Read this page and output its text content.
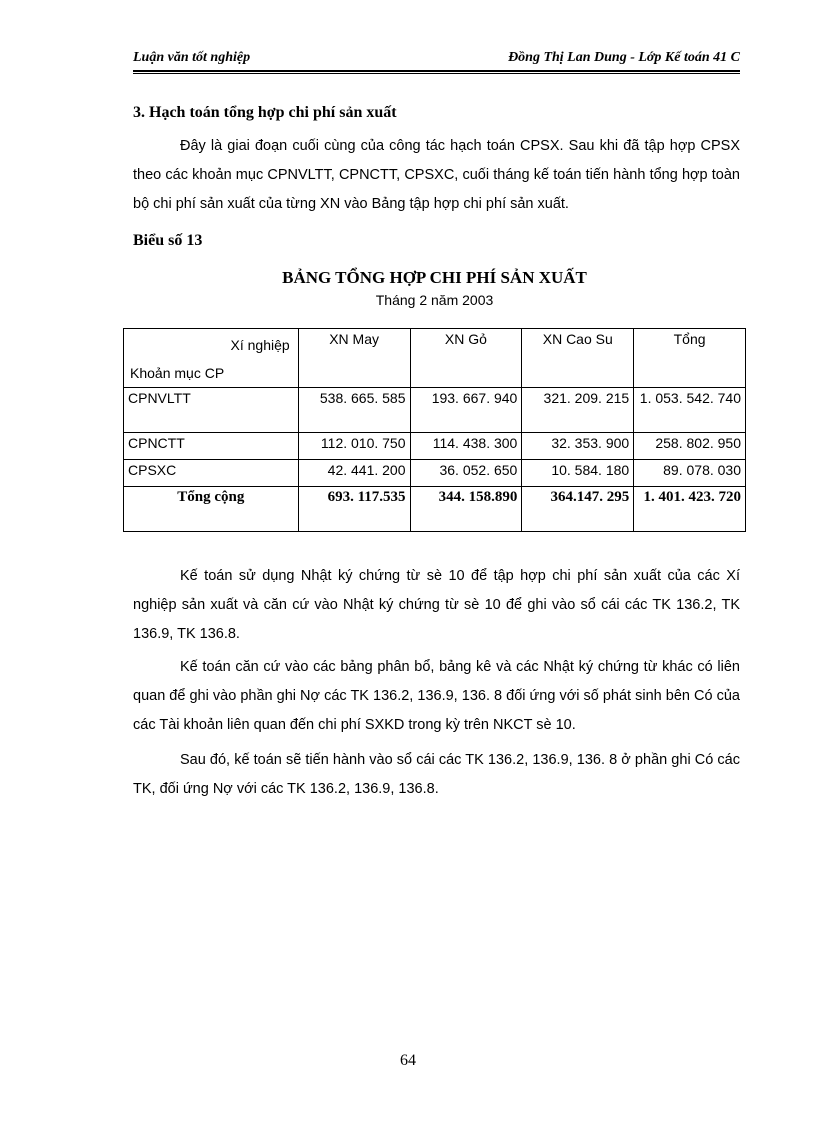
Luận văn tốt nghiệp	Đồng Thị Lan Dung - Lớp Kế toán 41 C
3. Hạch toán tổng hợp chi phí sản xuất
Đây là giai đoạn cuối cùng của công tác hạch toán CPSX. Sau khi đã tập hợp CPSX theo các khoản mục CPNVLTT, CPNCTT, CPSXC, cuối tháng kế toán tiến hành tổng hợp toàn bộ chi phí sản xuất của từng XN vào Bảng tập hợp chi phí sản xuất.
Biểu số 13
BẢNG TỔNG HỢP CHI PHÍ SẢN XUẤT
Tháng 2 năm 2003
Xí nghiệp
Khoản mục CP	XN May	XN Gỏ	XN Cao Su	Tổng
CPNVLTT	538. 665. 585	193. 667. 940	321. 209. 215	1. 053. 542. 740
CPNCTT	112. 010. 750	114. 438. 300	32. 353. 900	258. 802. 950
CPSXC	42. 441. 200	36. 052. 650	10. 584. 180	89. 078. 030
Tổng cộng	693. 117.535	344. 158.890	364.147. 295	1. 401. 423. 720
Kế toán sử dụng Nhật ký chứng từ sè 10 để tập hợp chi phí sản xuất của các Xí nghiệp sản xuất và căn cứ vào Nhật ký chứng từ sè 10 để ghi vào sổ cái các TK 136.2, TK 136.9, TK 136.8.
Kế toán căn cứ vào các bảng phân bổ, bảng kê và các Nhật ký chứng từ khác có liên quan để ghi vào phần ghi Nợ các TK 136.2, 136.9, 136. 8 đối ứng với số phát sinh bên Có của các Tài khoản liên quan đến chi phí SXKD trong kỳ trên NKCT sè 10.
Sau đó, kế toán sẽ tiến hành vào sổ cái các TK 136.2, 136.9, 136. 8 ở phần ghi Có các TK, đối ứng Nợ với các TK 136.2, 136.9, 136.8.
64
